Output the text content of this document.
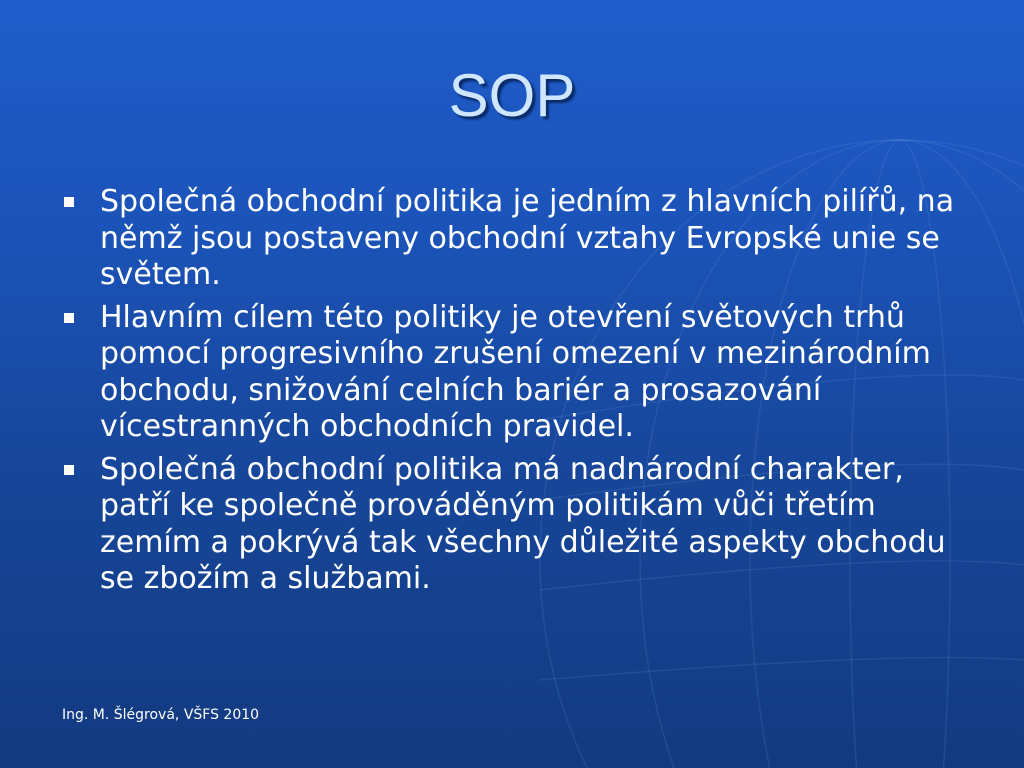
SOP
Společná obchodní politika je jedním z hlavních pilířů, na němž jsou postaveny obchodní vztahy Evropské unie se světem.
Hlavním cílem této politiky je otevření světových trhů pomocí progresivního zrušení omezení v mezinárodním obchodu, snižování celních bariér a prosazování vícestranných obchodních pravidel.
Společná obchodní politika má nadnárodní charakter, patří ke společně prováděným politikám vůči třetím zemím a pokrývá tak všechny důležité aspekty obchodu se zbožím a službami.
Ing. M. Šlégrová, VŠFS 2010
